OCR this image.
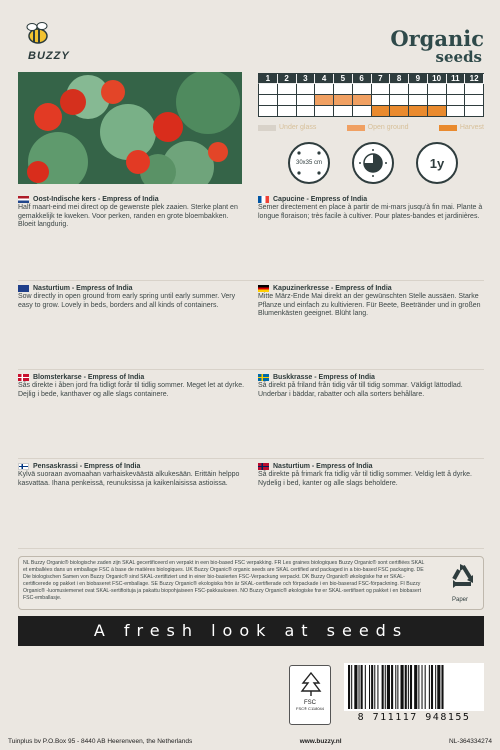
BUZZY
Organic
seeds
1	2	3	4	5	6	7	8	9	10	11	12
Under glass	Open ground	Harvest
30x35 cm	1y
Oost-Indische kers - Empress of India
Half maart-eind mei direct op de gewenste plek zaaien. Sterke plant en gemakkelijk te kweken. Voor perken, randen en grote bloembakken. Bloeit langdurig.
Capucine - Empress of India
Semer directement en place à partir de mi-mars jusqu'à fin mai. Plante à longue floraison; très facile à cultiver. Pour plates-bandes et jardinières.
Nasturtium - Empress of India
Sow directly in open ground from early spring until early summer. Very easy to grow. Lovely in beds, borders and all kinds of containers.
Kapuzinerkresse - Empress of India
Mitte März-Ende Mai direkt an der gewünschten Stelle aussäen. Starke Pflanze und einfach zu kultivieren. Für Beete, Beetränder und in großen Blumenkästen geeignet. Blüht lang.
Blomsterkarse - Empress of India
Sås direkte i åben jord fra tidligt forår til tidlig sommer. Meget let at dyrke. Dejlig i bede, kanthaver og alle slags containere.
Buskkrasse - Empress of India
Så direkt på friland från tidig vår till tidig sommar. Väldigt lättodlad. Underbar i bäddar, rabatter och alla sorters behållare.
Pensaskrassi - Empress of India
Kylvä suoraan avomaahan varhaiskeväästä alkukesään. Erittäin helppo kasvattaa. Ihana penkeissä, reunuksissa ja kaikenlaisissa astioissa.
Nasturtium - Empress of India
Så direkte på frimark fra tidlig vår til tidlig sommer. Veldig lett å dyrke. Nydelig i bed, kanter og alle slags beholdere.
NL Buzzy Organic® biologische zaden zijn SKAL gecertificeerd en verpakt in een bio-based FSC verpakking. FR Les graines biologiques Buzzy Organic® sont certifiées SKAL et emballées dans un emballage FSC à base de matières biologiques. UK Buzzy Organic® organic seeds are SKAL certified and packaged in a bio-based FSC packaging. DE Die biologischen Samen von Buzzy Organic® sind SKAL-zertifiziert und in einer bio-basierten FSC-Verpackung verpackt. DK Buzzy Organic® økologiske frø er SKAL-certificerede og pakket i en biobaseret FSC-emballage. SE Buzzy Organic® ekologiska frön är SKAL-certifierade och förpackade i en bio-baserad FSC-förpackning. FI Buzzy Organic® -luomusiemenet ovat SKAL-sertifioituja ja pakattu biopohjaiseen FSC-pakkaukseen. NO Buzzy Organic® økologiske frø er SKAL-sertifisert og pakket i en biobasert FSC-emballasje.	Paper
A fresh look at seeds
FSC
FSC® C118044
8 711117 948155
Tuinplus bv P.O.Box 95 - 8440 AB Heerenveen, the Netherlands	www.buzzy.nl	NL-364334274
